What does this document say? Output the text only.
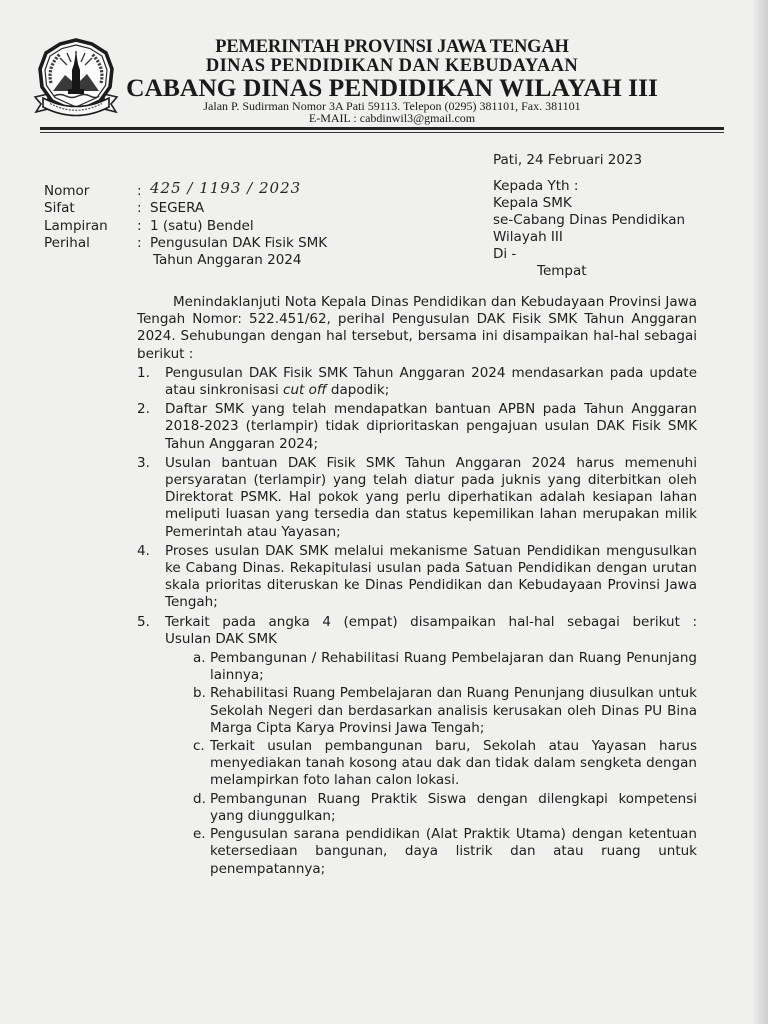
PEMERINTAH PROVINSI JAWA TENGAH
DINAS PENDIDIKAN DAN KEBUDAYAAN
CABANG DINAS PENDIDIKAN WILAYAH III
Jalan P. Sudirman Nomor 3A Pati 59113. Telepon (0295) 381101, Fax. 381101
E-MAIL : cabdinwil3@gmail.com
Pati, 24 Februari 2023
Nomor	: 425 / 1193 / 2023
Sifat	: SEGERA
Lampiran	: 1 (satu) Bendel
Perihal	: Pengusulan DAK Fisik SMK
Tahun Anggaran 2024
Kepada Yth :
Kepala SMK
se-Cabang Dinas Pendidikan
Wilayah III
Di -
Tempat

Menindaklanjuti Nota Kepala Dinas Pendidikan dan Kebudayaan Provinsi Jawa Tengah Nomor: 522.451/62, perihal Pengusulan DAK Fisik SMK Tahun Anggaran 2024. Sehubungan dengan hal tersebut, bersama ini disampaikan hal-hal sebagai berikut :

1.	Pengusulan DAK Fisik SMK Tahun Anggaran 2024 mendasarkan pada update atau sinkronisasi cut off dapodik;
2.	Daftar SMK yang telah mendapatkan bantuan APBN pada Tahun Anggaran 2018-2023 (terlampir) tidak diprioritaskan pengajuan usulan DAK Fisik SMK Tahun Anggaran 2024;
3.	Usulan bantuan DAK Fisik SMK Tahun Anggaran 2024 harus memenuhi persyaratan (terlampir) yang telah diatur pada juknis yang diterbitkan oleh Direktorat PSMK. Hal pokok yang perlu diperhatikan adalah kesiapan lahan meliputi luasan yang tersedia dan status kepemilikan lahan merupakan milik Pemerintah atau Yayasan;
4.	Proses usulan DAK SMK melalui mekanisme Satuan Pendidikan mengusulkan ke Cabang Dinas. Rekapitulasi usulan pada Satuan Pendidikan dengan urutan skala prioritas diteruskan ke Dinas Pendidikan dan Kebudayaan Provinsi Jawa Tengah;
5.	Terkait pada angka 4 (empat) disampaikan hal-hal sebagai berikut :
Usulan DAK SMK
a. Pembangunan / Rehabilitasi Ruang Pembelajaran dan Ruang Penunjang lainnya;
b. Rehabilitasi Ruang Pembelajaran dan Ruang Penunjang diusulkan untuk Sekolah Negeri dan berdasarkan analisis kerusakan oleh Dinas PU Bina Marga Cipta Karya Provinsi Jawa Tengah;
c. Terkait usulan pembangunan baru, Sekolah atau Yayasan harus menyediakan tanah kosong atau dak dan tidak dalam sengketa dengan melampirkan foto lahan calon lokasi.
d. Pembangunan Ruang Praktik Siswa dengan dilengkapi kompetensi yang diunggulkan;
e. Pengusulan sarana pendidikan (Alat Praktik Utama) dengan ketentuan ketersediaan bangunan, daya listrik dan atau ruang untuk penempatannya;
